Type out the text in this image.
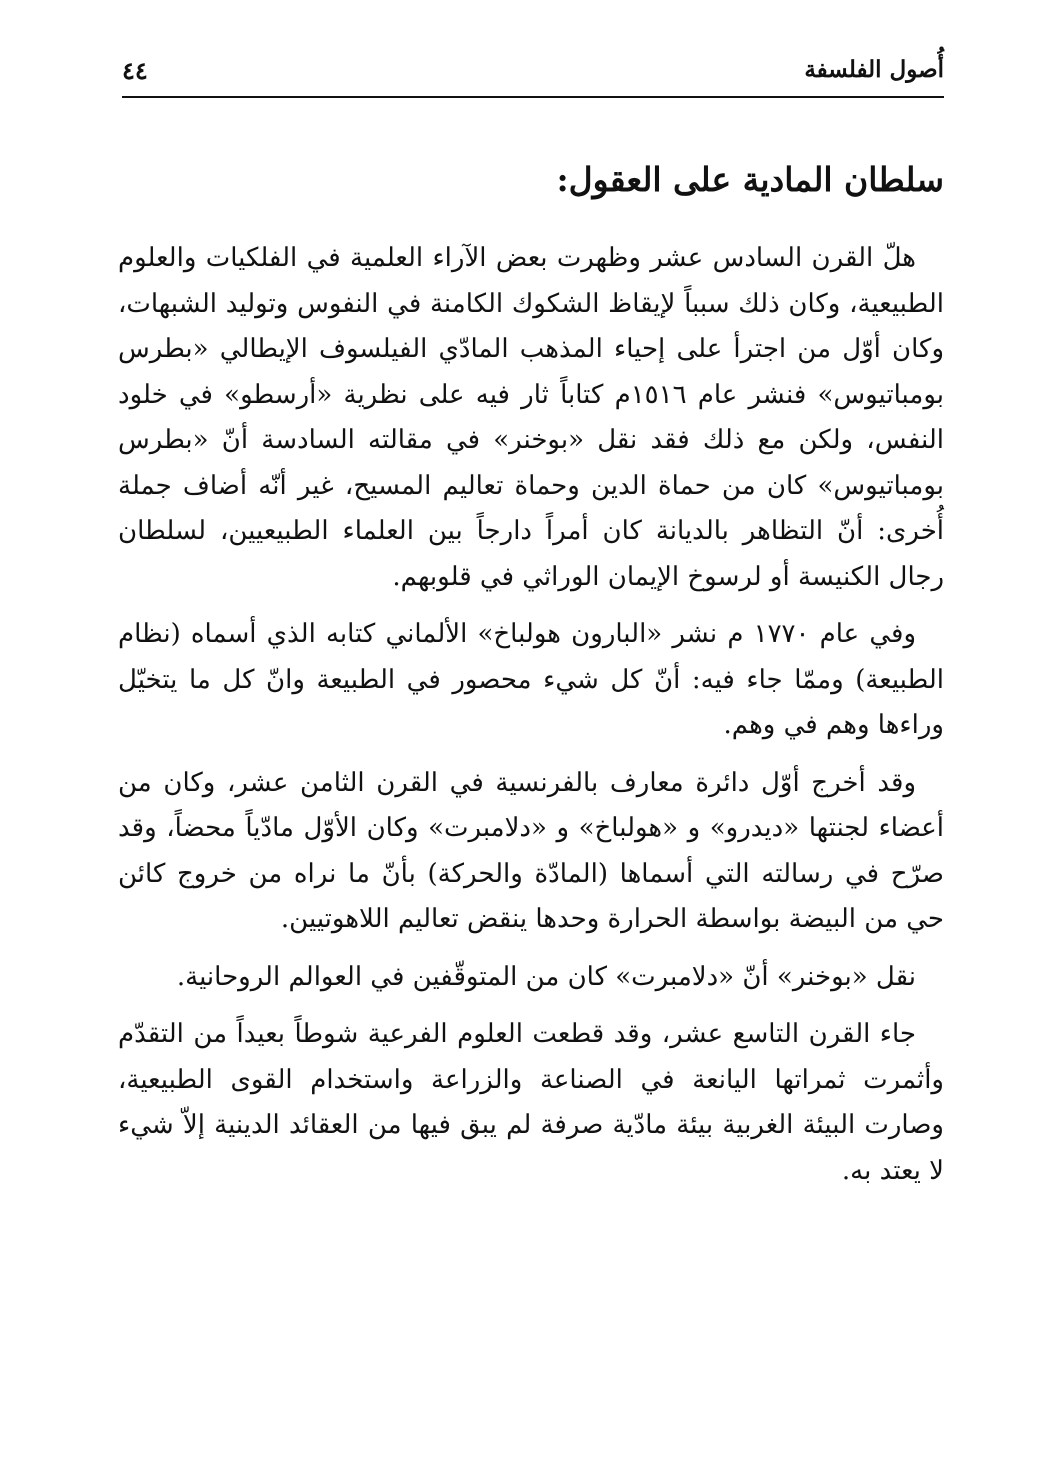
أُصول الفلسفة
٤٤
سلطان المادية على العقول:

هلّ القرن السادس عشر وظهرت بعض الآراء العلمية في الفلكيات والعلوم الطبيعية، وكان ذلك سبباً لإيقاظ الشكوك الكامنة في النفوس وتوليد الشبهات، وكان أوّل من اجترأ على إحياء المذهب المادّي الفيلسوف الإيطالي «بطرس بومباتيوس» فنشر عام ١٥١٦م كتاباً ثار فيه على نظرية «أرسطو» في خلود النفس، ولكن مع ذلك فقد نقل «بوخنر» في مقالته السادسة أنّ «بطرس بومباتيوس» كان من حماة الدين وحماة تعاليم المسيح، غير أنّه أضاف جملة أُخرى: أنّ التظاهر بالديانة كان أمراً دارجاً بين العلماء الطبيعيين، لسلطان رجال الكنيسة أو لرسوخ الإيمان الوراثي في قلوبهم.

وفي عام ١٧٧٠ م نشر «البارون هولباخ» الألماني كتابه الذي أسماه (نظام الطبيعة) وممّا جاء فيه: أنّ كل شيء محصور في الطبيعة وانّ كل ما يتخيّل وراءها وهم في وهم.

وقد أخرج أوّل دائرة معارف بالفرنسية في القرن الثامن عشر، وكان من أعضاء لجنتها «ديدرو» و «هولباخ» و «دلامبرت» وكان الأوّل مادّياً محضاً، وقد صرّح في رسالته التي أسماها (المادّة والحركة) بأنّ ما نراه من خروج كائن حي من البيضة بواسطة الحرارة وحدها ينقض تعاليم اللاهوتيين.

نقل «بوخنر» أنّ «دلامبرت» كان من المتوقّفين في العوالم الروحانية.

جاء القرن التاسع عشر، وقد قطعت العلوم الفرعية شوطاً بعيداً من التقدّم وأثمرت ثمراتها اليانعة في الصناعة والزراعة واستخدام القوى الطبيعية، وصارت البيئة الغربية بيئة مادّية صرفة لم يبق فيها من العقائد الدينية إلاّ شيء لا يعتد به.
